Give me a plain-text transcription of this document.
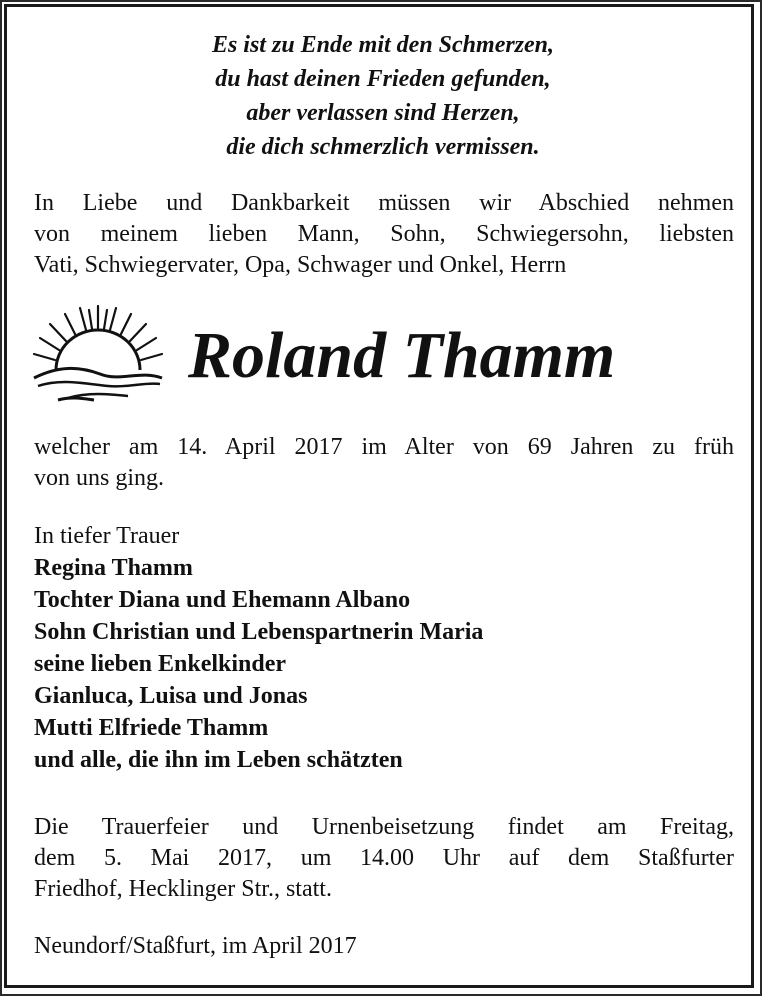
Es ist zu Ende mit den Schmerzen,
du hast deinen Frieden gefunden,
aber verlassen sind Herzen,
die dich schmerzlich vermissen.
In Liebe und Dankbarkeit müssen wir Abschied nehmen
von meinem lieben Mann, Sohn, Schwiegersohn, liebsten
Vati, Schwiegervater, Opa, Schwager und Onkel, Herrn
Roland Thamm
welcher am 14. April 2017 im Alter von 69 Jahren zu früh
von uns ging.
In tiefer Trauer
Regina Thamm
Tochter Diana und Ehemann Albano
Sohn Christian und Lebenspartnerin Maria
seine lieben Enkelkinder
Gianluca, Luisa und Jonas
Mutti Elfriede Thamm
und alle, die ihn im Leben schätzten
Die Trauerfeier und Urnenbeisetzung findet am Freitag,
dem 5. Mai 2017, um 14.00 Uhr auf dem Staßfurter
Friedhof, Hecklinger Str., statt.
Neundorf/Staßfurt, im April 2017
